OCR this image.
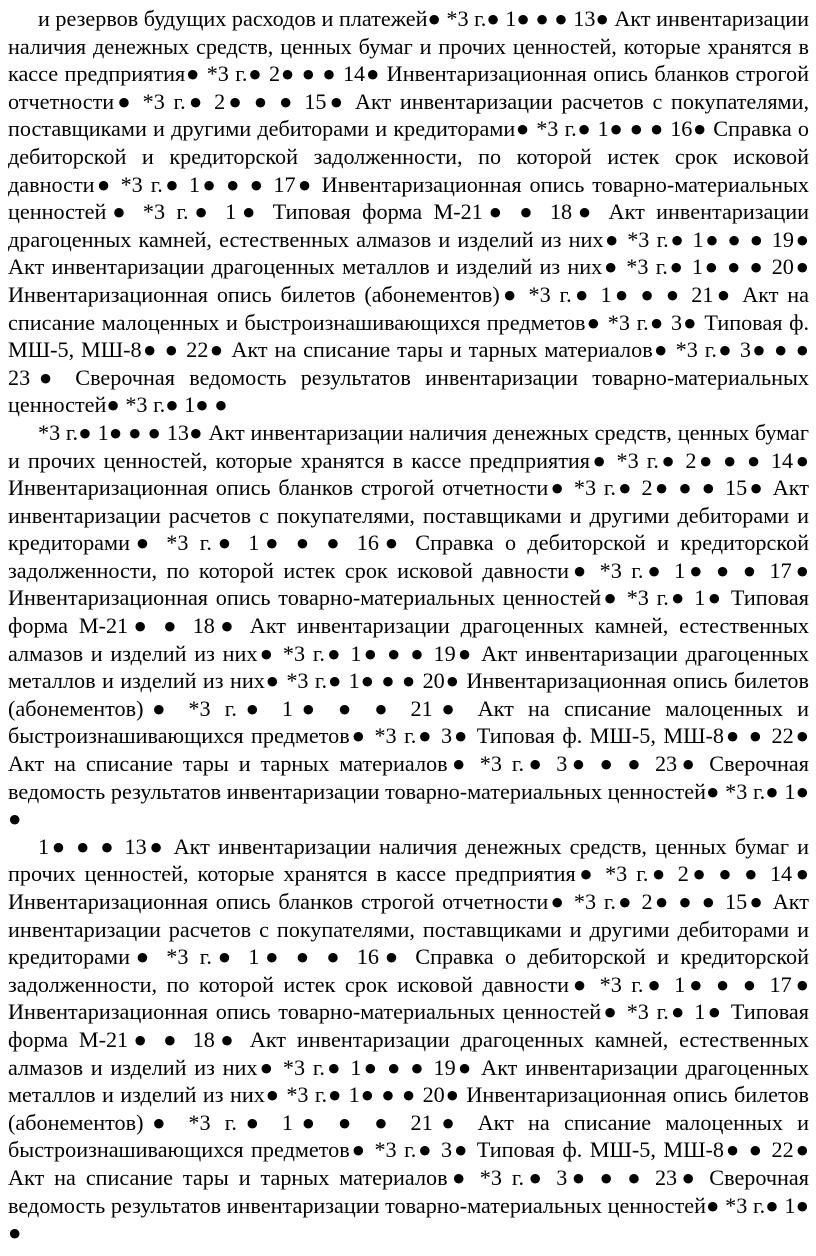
и резервов будущих расходов и платежей● *3 г.● 1● ● ● 13● Акт инвентаризации наличия денежных средств, ценных бумаг и прочих ценностей, которые хранятся в кассе предприятия● *3 г.● 2● ● ● 14● Инвентаризационная опись бланков строгой отчетности● *3 г.● 2● ● ● 15● Акт инвентаризации расчетов с покупателями, поставщиками и другими дебиторами и кредиторами● *3 г.● 1● ● ● 16● Справка о дебиторской и кредиторской задолженности, по которой истек срок исковой давности● *3 г.● 1● ● ● 17● Инвентаризационная опись товарно-материальных ценностей● *3 г.● 1● Типовая форма М-21● ● 18● Акт инвентаризации драгоценных камней, естественных алмазов и изделий из них● *3 г.● 1● ● ● 19● Акт инвентаризации драгоценных металлов и изделий из них● *3 г.● 1● ● ● 20● Инвентаризационная опись билетов (абонементов)● *3 г.● 1● ● ● 21● Акт на списание малоценных и быстроизнашивающихся предметов● *3 г.● 3● Типовая ф. МШ-5, МШ-8● ● 22● Акт на списание тары и тарных материалов● *3 г.● 3● ● ● 23● Сверочная ведомость результатов инвентаризации товарно-материальных ценностей● *3 г.● 1● ●

*3 г.● 1● ● ● 13● Акт инвентаризации наличия денежных средств, ценных бумаг и прочих ценностей, которые хранятся в кассе предприятия● *3 г.● 2● ● ● 14● Инвентаризационная опись бланков строгой отчетности● *3 г.● 2● ● ● 15● Акт инвентаризации расчетов с покупателями, поставщиками и другими дебиторами и кредиторами● *3 г.● 1● ● ● 16● Справка о дебиторской и кредиторской задолженности, по которой истек срок исковой давности● *3 г.● 1● ● ● 17● Инвентаризационная опись товарно-материальных ценностей● *3 г.● 1● Типовая форма М-21● ● 18● Акт инвентаризации драгоценных камней, естественных алмазов и изделий из них● *3 г.● 1● ● ● 19● Акт инвентаризации драгоценных металлов и изделий из них● *3 г.● 1● ● ● 20● Инвентаризационная опись билетов (абонементов)● *3 г.● 1● ● ● 21● Акт на списание малоценных и быстроизнашивающихся предметов● *3 г.● 3● Типовая ф. МШ-5, МШ-8● ● 22● Акт на списание тары и тарных материалов● *3 г.● 3● ● ● 23● Сверочная ведомость результатов инвентаризации товарно-материальных ценностей● *3 г.● 1● ●

1● ● ● 13● Акт инвентаризации наличия денежных средств, ценных бумаг и прочих ценностей, которые хранятся в кассе предприятия● *3 г.● 2● ● ● 14● Инвентаризационная опись бланков строгой отчетности● *3 г.● 2● ● ● 15● Акт инвентаризации расчетов с покупателями, поставщиками и другими дебиторами и кредиторами● *3 г.● 1● ● ● 16● Справка о дебиторской и кредиторской задолженности, по которой истек срок исковой давности● *3 г.● 1● ● ● 17● Инвентаризационная опись товарно-материальных ценностей● *3 г.● 1● Типовая форма М-21● ● 18● Акт инвентаризации драгоценных камней, естественных алмазов и изделий из них● *3 г.● 1● ● ● 19● Акт инвентаризации драгоценных металлов и изделий из них● *3 г.● 1● ● ● 20● Инвентаризационная опись билетов (абонементов)● *3 г.● 1● ● ● 21● Акт на списание малоценных и быстроизнашивающихся предметов● *3 г.● 3● Типовая ф. МШ-5, МШ-8● ● 22● Акт на списание тары и тарных материалов● *3 г.● 3● ● ● 23● Сверочная ведомость результатов инвентаризации товарно-материальных ценностей● *3 г.● 1● ●
